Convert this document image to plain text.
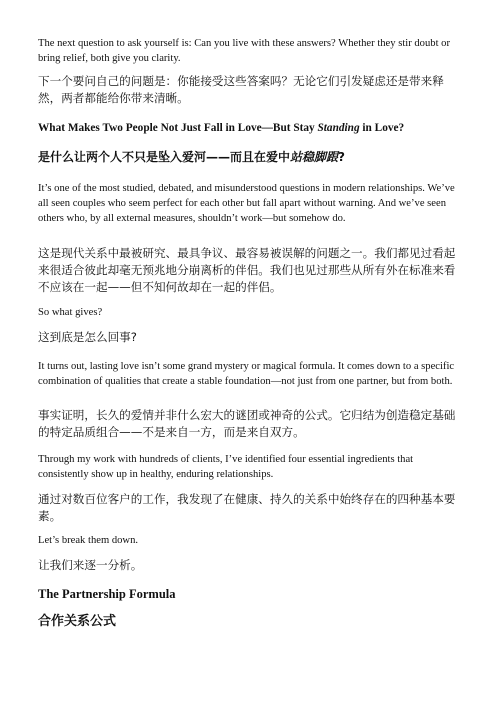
The next question to ask yourself is: Can you live with these answers? Whether they stir doubt or bring relief, both give you clarity.
下一个要问自己的问题是：你能接受这些答案吗？无论它们引发疑虑还是带来释然，两者都能给你带来清晰。
What Makes Two People Not Just Fall in Love—But Stay Standing in Love?
是什么让两个人不只是坠入爱河——而且在爱中站稳脚跟?
It’s one of the most studied, debated, and misunderstood questions in modern relationships. We’ve all seen couples who seem perfect for each other but fall apart without warning. And we’ve seen others who, by all external measures, shouldn’t work—but somehow do.
这是现代关系中最被研究、最具争议、最容易被误解的问题之一。我们都见过看起来很适合彼此却毫无预兆地分崩离析的伴侣。我们也见过那些从所有外在标准来看不应该在一起——但不知何故却在一起的伴侣。
So what gives?
这到底是怎么回事?
It turns out, lasting love isn’t some grand mystery or magical formula. It comes down to a specific combination of qualities that create a stable foundation—not just from one partner, but from both.
事实证明，长久的爱情并非什么宏大的谜团或神奇的公式。它归结为创造稳定基础的特定品质组合——不是来自一方，而是来自双方。
Through my work with hundreds of clients, I’ve identified four essential ingredients that consistently show up in healthy, enduring relationships.
通过对数百位客户的工作，我发现了在健康、持久的关系中始终存在的四种基本要素。
Let’s break them down.
让我们来逐一分析。
The Partnership Formula
合作关系公式
